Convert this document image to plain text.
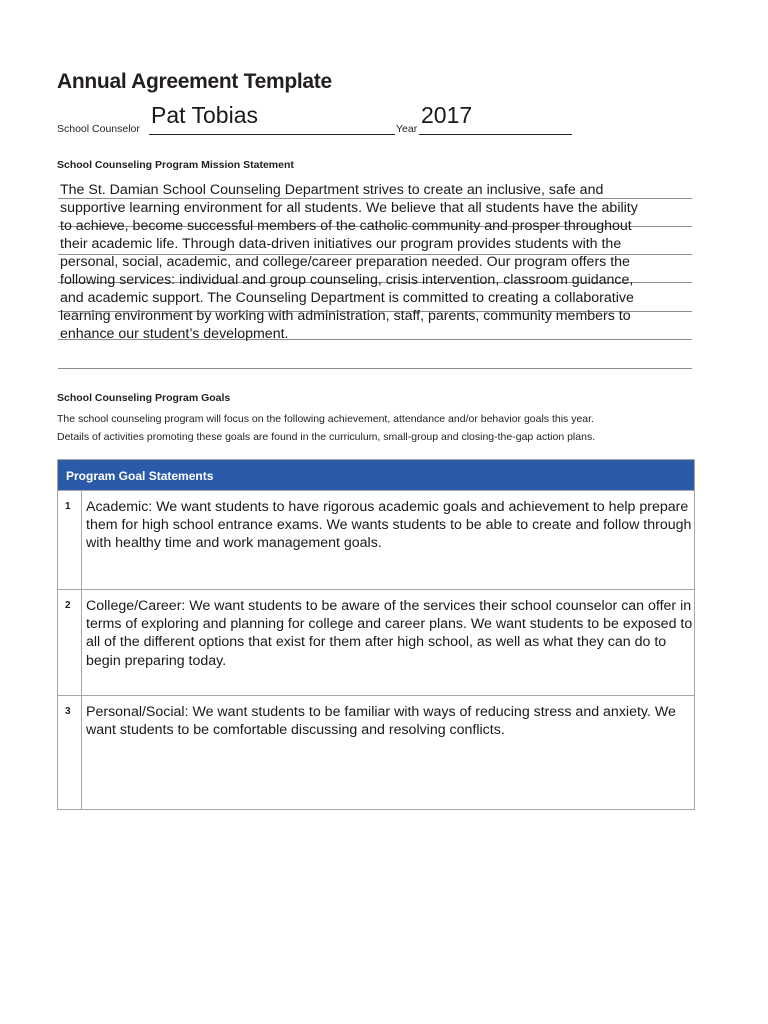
Annual Agreement Template
School Counselor
Pat Tobias
Year
2017
School Counseling Program Mission Statement
The St. Damian School Counseling Department strives to create an inclusive, safe and
supportive learning environment for all students. We believe that all students have the ability
to achieve, become successful members of the catholic community and prosper throughout
their academic life. Through data-driven initiatives our program provides students with the
personal, social, academic, and college/career preparation needed. Our program offers the
following services: individual and group counseling, crisis intervention, classroom guidance,
and academic support. The Counseling Department is committed to creating a collaborative
learning environment by working with administration, staff, parents, community members to
enhance our student’s development.
School Counseling Program Goals
The school counseling program will focus on the following achievement, attendance and/or behavior goals this year.
Details of activities promoting these goals are found in the curriculum, small-group and closing-the-gap action plans.
Program Goal Statements
1	Academic: We want students to have rigorous academic goals and achievement to help prepare them for high school entrance exams. We wants students to be able to create and follow through with healthy time and work management goals.
2	College/Career: We want students to be aware of the services their school counselor can offer in terms of exploring and planning for college and career plans. We want students to be exposed to all of the different options that exist for them after high school, as well as what they can do to begin preparing today.
3	Personal/Social: We want students to be familiar with ways of reducing stress and anxiety. We want students to be comfortable discussing and resolving conflicts.
